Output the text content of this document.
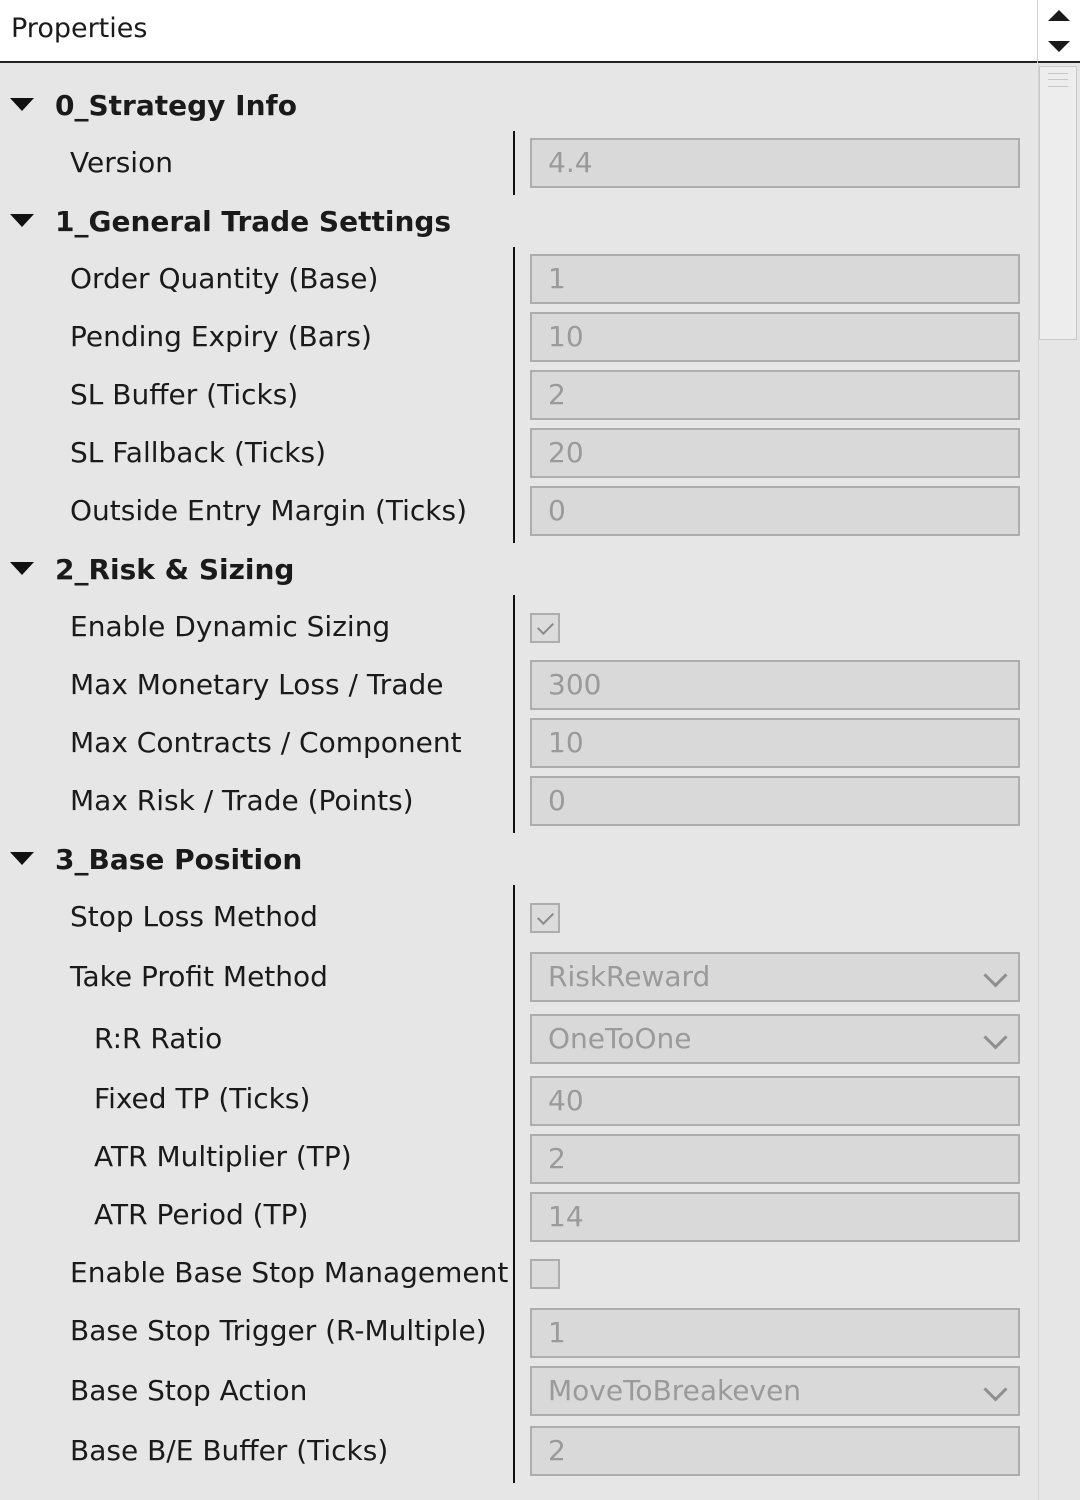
Properties
0_Strategy Info
Version	4.4
1_General Trade Settings
Order Quantity (Base)	1
Pending Expiry (Bars)	10
SL Buffer (Ticks)	2
SL Fallback (Ticks)	20
Outside Entry Margin (Ticks)	0
2_Risk & Sizing
Enable Dynamic Sizing
Max Monetary Loss / Trade	300
Max Contracts / Component	10
Max Risk / Trade (Points)	0
3_Base Position
Stop Loss Method
Take Profit Method	RiskReward
R:R Ratio	OneToOne
Fixed TP (Ticks)	40
ATR Multiplier (TP)	2
ATR Period (TP)	14
Enable Base Stop Management
Base Stop Trigger (R-Multiple)	1
Base Stop Action	MoveToBreakeven
Base B/E Buffer (Ticks)	2
